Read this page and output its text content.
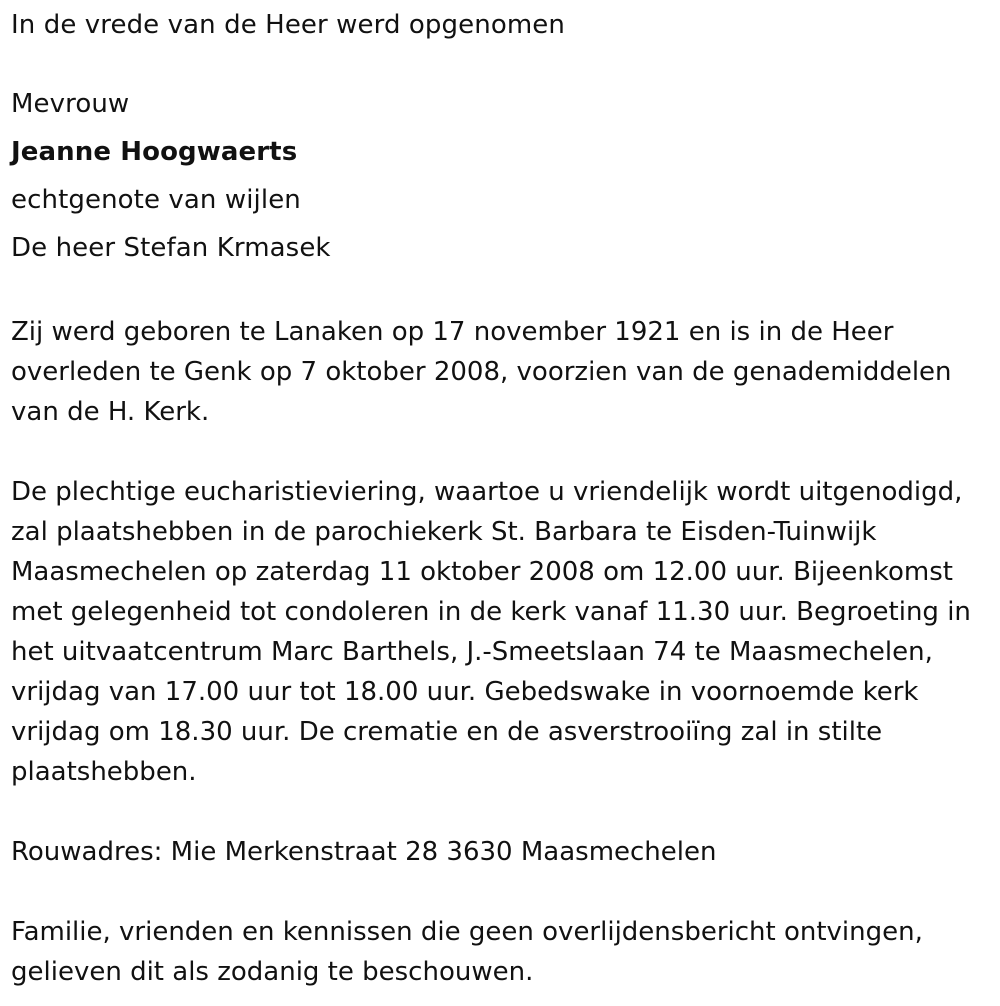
In de vrede van de Heer werd opgenomen
Mevrouw
Jeanne Hoogwaerts
echtgenote van wijlen
De heer Stefan Krmasek

Zij werd geboren te Lanaken op 17 november 1921 en is in de Heer
overleden te Genk op 7 oktober 2008, voorzien van de genademiddelen
van de H. Kerk.

De plechtige eucharistieviering, waartoe u vriendelijk wordt uitgenodigd,
zal plaatshebben in de parochiekerk St. Barbara te Eisden-Tuinwijk
Maasmechelen op zaterdag 11 oktober 2008 om 12.00 uur. Bijeenkomst
met gelegenheid tot condoleren in de kerk vanaf 11.30 uur. Begroeting in
het uitvaatcentrum Marc Barthels, J.-Smeetslaan 74 te Maasmechelen,
vrijdag van 17.00 uur tot 18.00 uur. Gebedswake in voornoemde kerk
vrijdag om 18.30 uur. De crematie en de asverstrooiïng zal in stilte
plaatshebben.

Rouwadres: Mie Merkenstraat 28 3630 Maasmechelen

Familie, vrienden en kennissen die geen overlijdensbericht ontvingen,
gelieven dit als zodanig te beschouwen.
